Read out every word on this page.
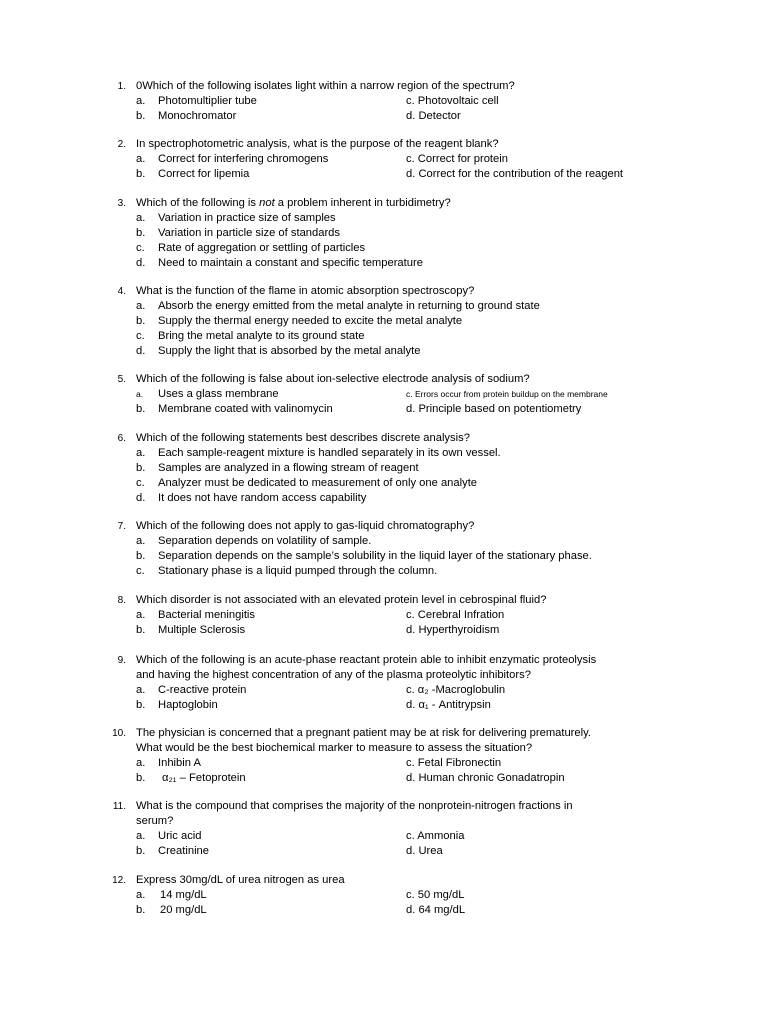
1. 0Which of the following isolates light within a narrow region of the spectrum?
a. Photomultiplier tube	c. Photovoltaic cell
b. Monochromator	d. Detector
2. In spectrophotometric analysis, what is the purpose of the reagent blank?
a. Correct for interfering chromogens	c. Correct for protein
b. Correct for lipemia	d. Correct for the contribution of the reagent
3. Which of the following is not a problem inherent in turbidimetry?
a. Variation in practice size of samples
b. Variation in particle size of standards
c. Rate of aggregation or settling of particles
d. Need to maintain a constant and specific temperature
4. What is the function of the flame in atomic absorption spectroscopy?
a. Absorb the energy emitted from the metal analyte in returning to ground state
b. Supply the thermal energy needed to excite the metal analyte
c. Bring the metal analyte to its ground state
d. Supply the light that is absorbed by the metal analyte
5. Which of the following is false about ion-selective electrode analysis of sodium?
a. Uses a glass membrane	c. Errors occur from protein buildup on the membrane
b. Membrane coated with valinomycin	d. Principle based on potentiometry
6. Which of the following statements best describes discrete analysis?
a. Each sample-reagent mixture is handled separately in its own vessel.
b. Samples are analyzed in a flowing stream of reagent
c. Analyzer must be dedicated to measurement of only one analyte
d. It does not have random access capability
7. Which of the following does not apply to gas-liquid chromatography?
a. Separation depends on volatility of sample.
b. Separation depends on the sample’s solubility in the liquid layer of the stationary phase.
c. Stationary phase is a liquid pumped through the column.
8. Which disorder is not associated with an elevated protein level in cebrospinal fluid?
a. Bacterial meningitis	c. Cerebral Infration
b. Multiple Sclerosis	d. Hyperthyroidism
9. Which of the following is an acute-phase reactant protein able to inhibit enzymatic proteolysis
and having the highest concentration of any of the plasma proteolytic inhibitors?
a. C-reactive protein	c. α₂ -Macroglobulin
b. Haptoglobin	d. α₁ - Antitrypsin
10. The physician is concerned that a pregnant patient may be at risk for delivering prematurely.
What would be the best biochemical marker to measure to assess the situation?
a. Inhibin A	c. Fetal Fibronectin
b. α₂₁ – Fetoprotein	d. Human chronic Gonadatropin
11. What is the compound that comprises the majority of the nonprotein-nitrogen fractions in
serum?
a. Uric acid	c. Ammonia
b. Creatinine	d. Urea
12. Express 30mg/dL of urea nitrogen as urea
a. 14 mg/dL	c. 50 mg/dL
b. 20 mg/dL	d. 64 mg/dL
